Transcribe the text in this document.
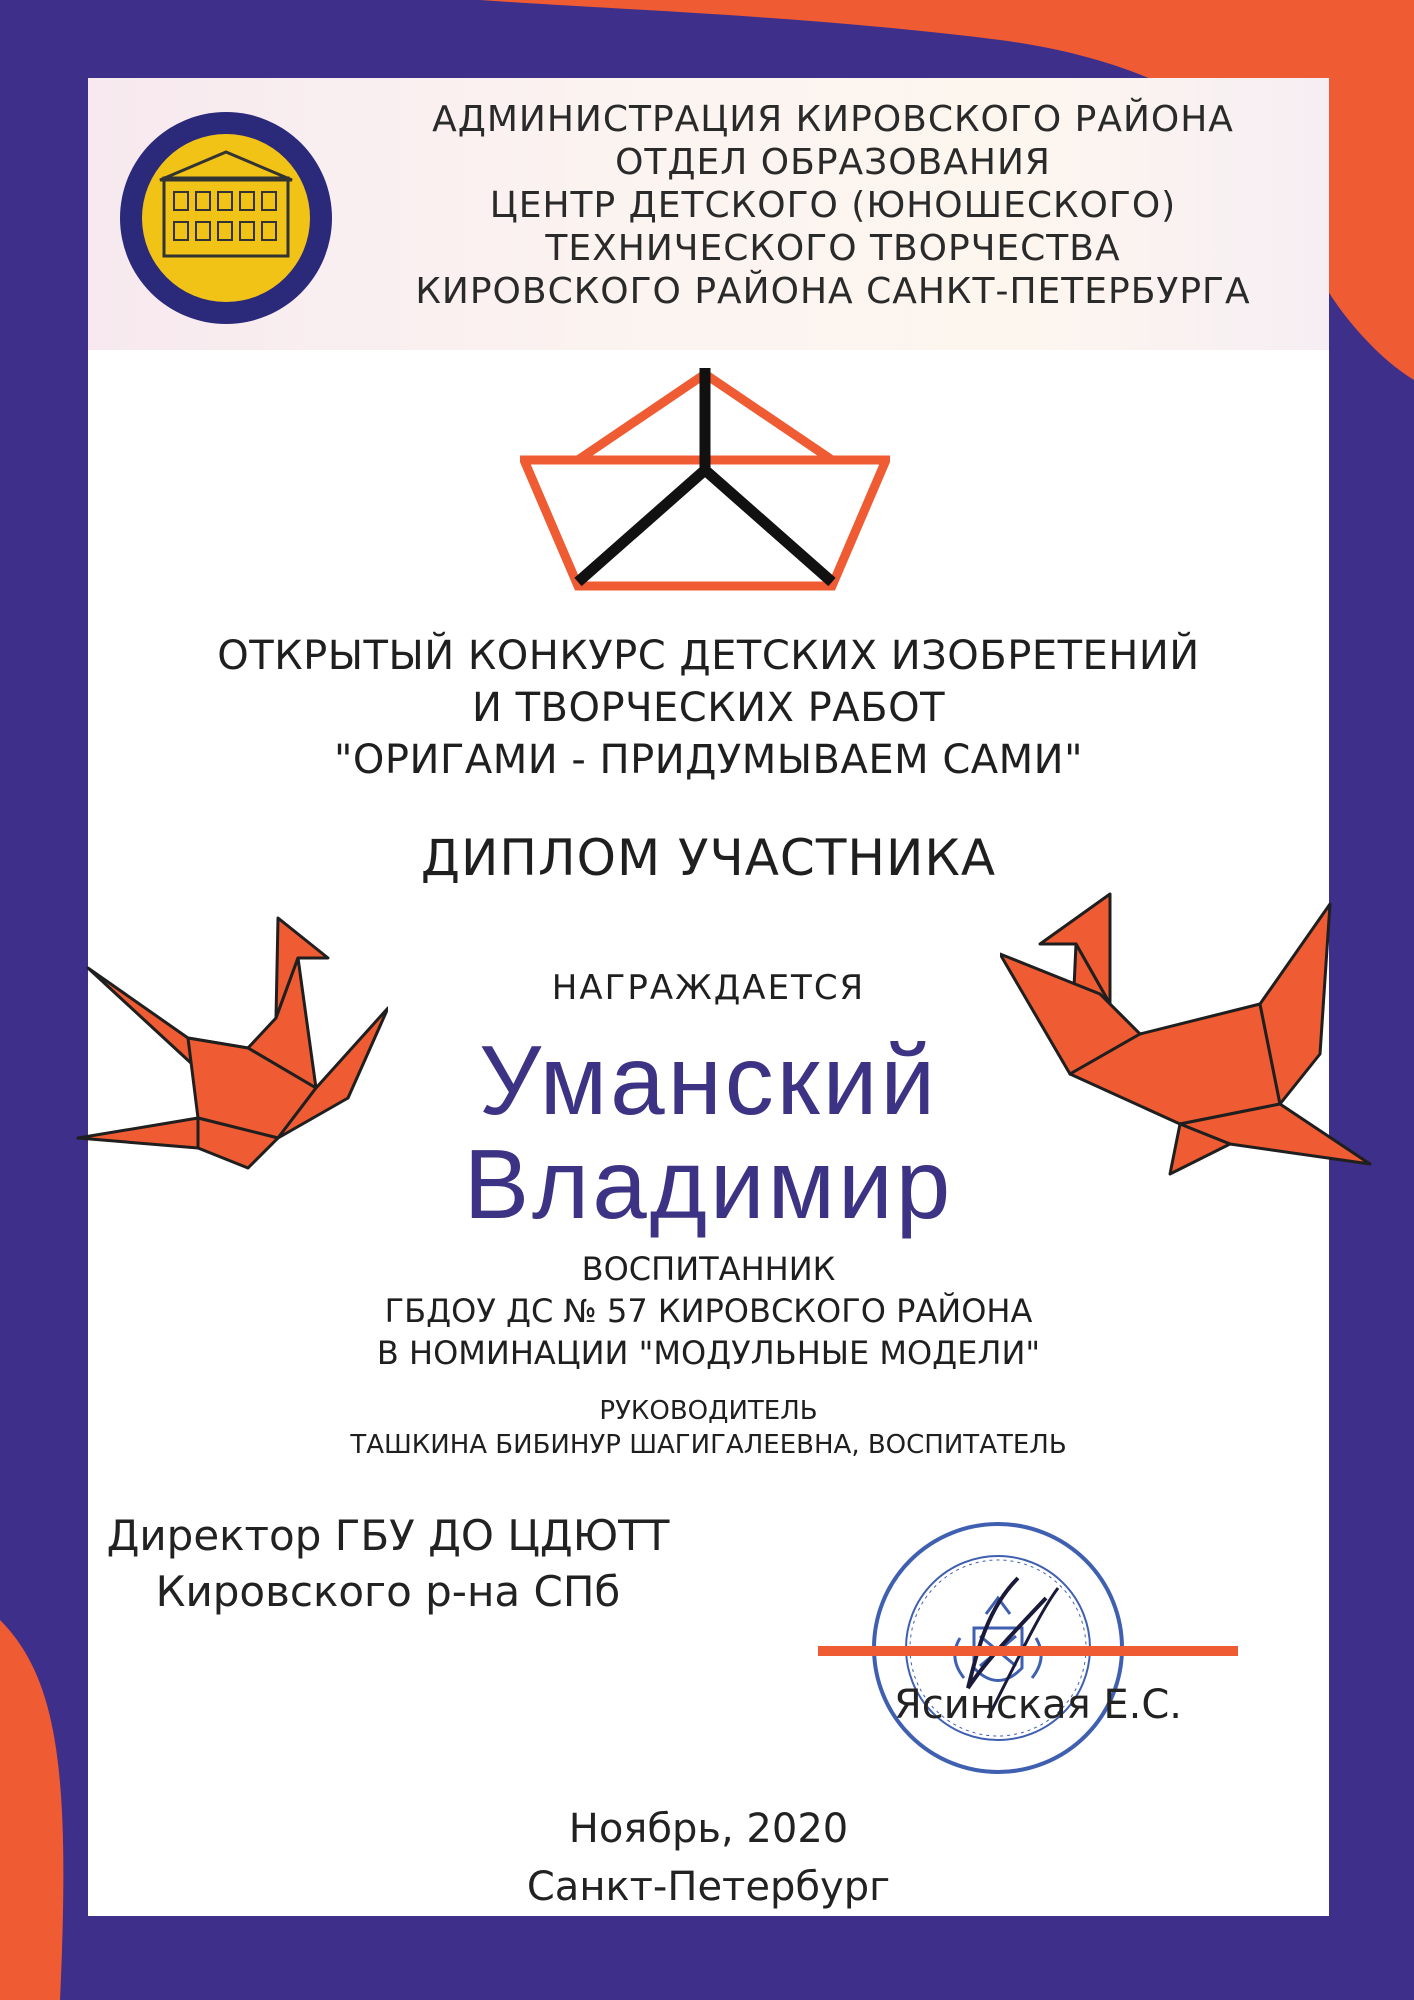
АДМИНИСТРАЦИЯ КИРОВСКОГО РАЙОНА
ОТДЕЛ ОБРАЗОВАНИЯ
ЦЕНТР ДЕТСКОГО (ЮНОШЕСКОГО)
ТЕХНИЧЕСКОГО ТВОРЧЕСТВА
КИРОВСКОГО РАЙОНА САНКТ-ПЕТЕРБУРГА
ОТКРЫТЫЙ КОНКУРС ДЕТСКИХ ИЗОБРЕТЕНИЙ
И ТВОРЧЕСКИХ РАБОТ
"ОРИГАМИ - ПРИДУМЫВАЕМ САМИ"
ДИПЛОМ УЧАСТНИКА
НАГРАЖДАЕТСЯ
Уманский
Владимир
ВОСПИТАННИК
ГБДОУ ДС № 57 КИРОВСКОГО РАЙОНА
В НОМИНАЦИИ "МОДУЛЬНЫЕ МОДЕЛИ"
РУКОВОДИТЕЛЬ
ТАШКИНА БИБИНУР ШАГИГАЛЕЕВНА, ВОСПИТАТЕЛЬ
Директор ГБУ ДО ЦДЮТТ
Кировского р-на СПб
Ясинская Е.С.
Ноябрь, 2020
Санкт-Петербург
